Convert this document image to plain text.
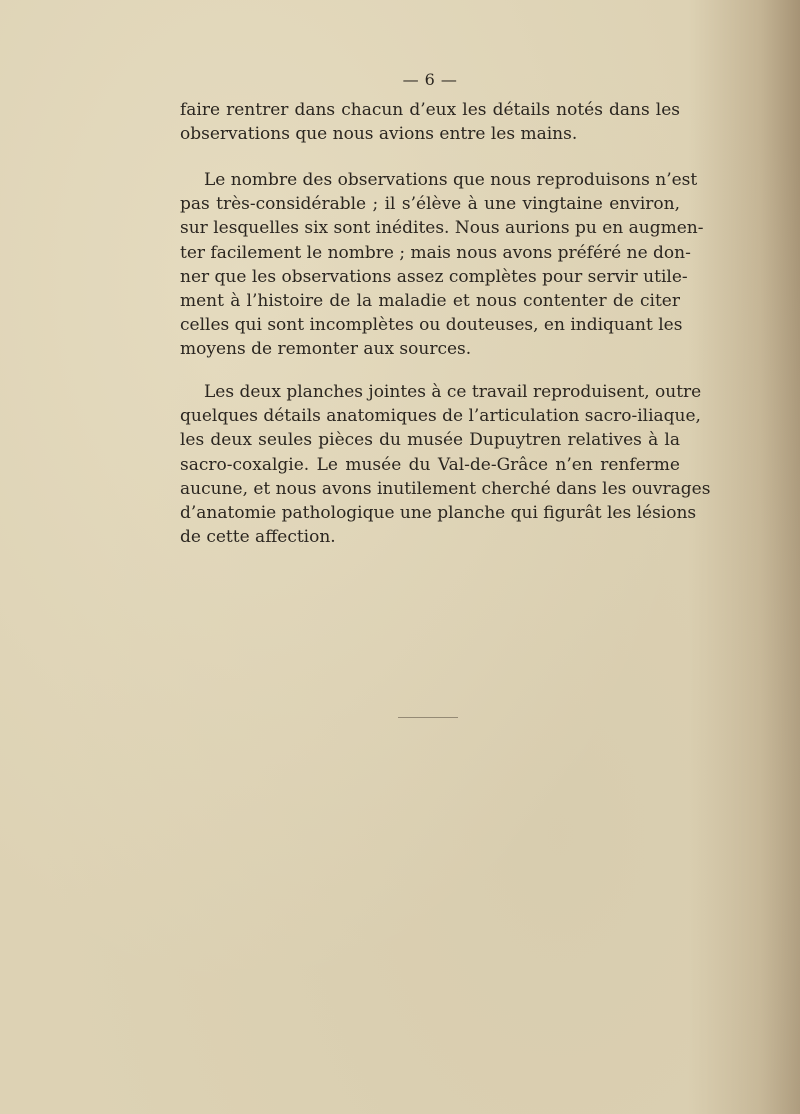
— 6 —

faire rentrer dans chacun d’eux les détails notés dans les
observations que nous avions entre les mains.

Le nombre des observations que nous reproduisons n’est
pas très-considérable ; il s’élève à une vingtaine environ,
sur lesquelles six sont inédites. Nous aurions pu en augmen-
ter facilement le nombre ; mais nous avons préféré ne don-
ner que les observations assez complètes pour servir utile-
ment à l’histoire de la maladie et nous contenter de citer
celles qui sont incomplètes ou douteuses, en indiquant les
moyens de remonter aux sources.

Les deux planches jointes à ce travail reproduisent, outre
quelques détails anatomiques de l’articulation sacro-iliaque,
les deux seules pièces du musée Dupuytren relatives à la
sacro-coxalgie. Le musée du Val-de-Grâce n’en renferme
aucune, et nous avons inutilement cherché dans les ouvrages
d’anatomie pathologique une planche qui figurât les lésions
de cette affection.
